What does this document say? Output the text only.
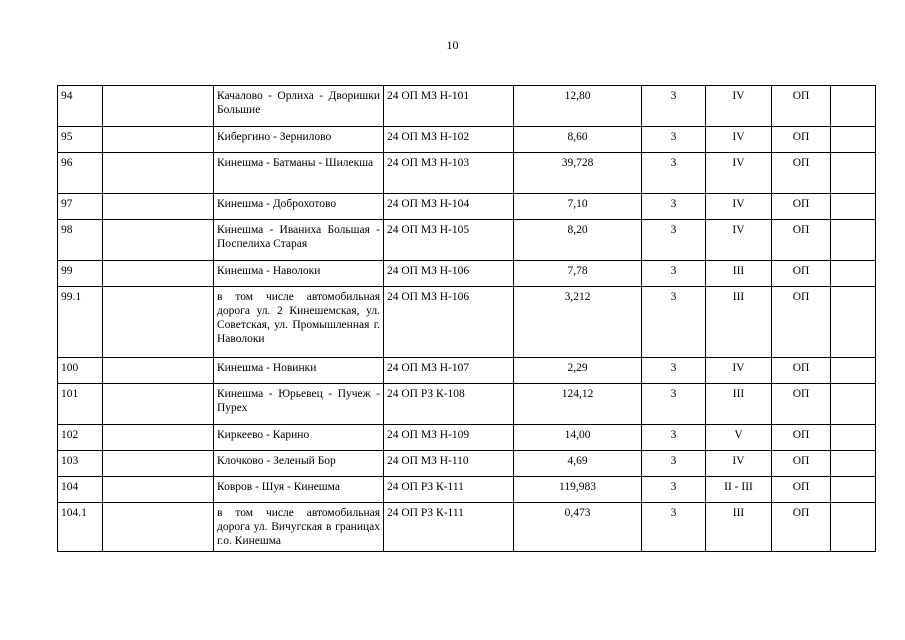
10
94		Качалово - Орлиха - Дворишки Большие	24 ОП МЗ Н-101	12,80	3	IV	ОП	
95		Кибергино - Зернилово	24 ОП МЗ Н-102	8,60	3	IV	ОП	
96		Кинешма - Батманы - Шилекша	24 ОП МЗ Н-103	39,728	3	IV	ОП	
97		Кинешма - Доброхотово	24 ОП МЗ Н-104	7,10	3	IV	ОП	
98		Кинешма - Иваниха Большая - Поспелиха Старая	24 ОП МЗ Н-105	8,20	3	IV	ОП	
99		Кинешма - Наволоки	24 ОП МЗ Н-106	7,78	3	III	ОП	
99.1		в том числе автомобильная дорога ул. 2 Кинешемская, ул. Советская, ул. Промышленная г. Наволоки	24 ОП МЗ Н-106	3,212	3	III	ОП	
100		Кинешма - Новинки	24 ОП МЗ Н-107	2,29	3	IV	ОП	
101		Кинешма - Юрьевец - Пучеж - Пурех	24 ОП РЗ К-108	124,12	3	III	ОП	
102		Киркеево - Карино	24 ОП МЗ Н-109	14,00	3	V	ОП	
103		Клочково - Зеленый Бор	24 ОП МЗ Н-110	4,69	3	IV	ОП	
104		Ковров - Шуя - Кинешма	24 ОП РЗ К-111	119,983	3	II - III	ОП	
104.1		в том числе автомобильная дорога ул. Вичугская в границах г.о. Кинешма	24 ОП РЗ К-111	0,473	3	III	ОП	
